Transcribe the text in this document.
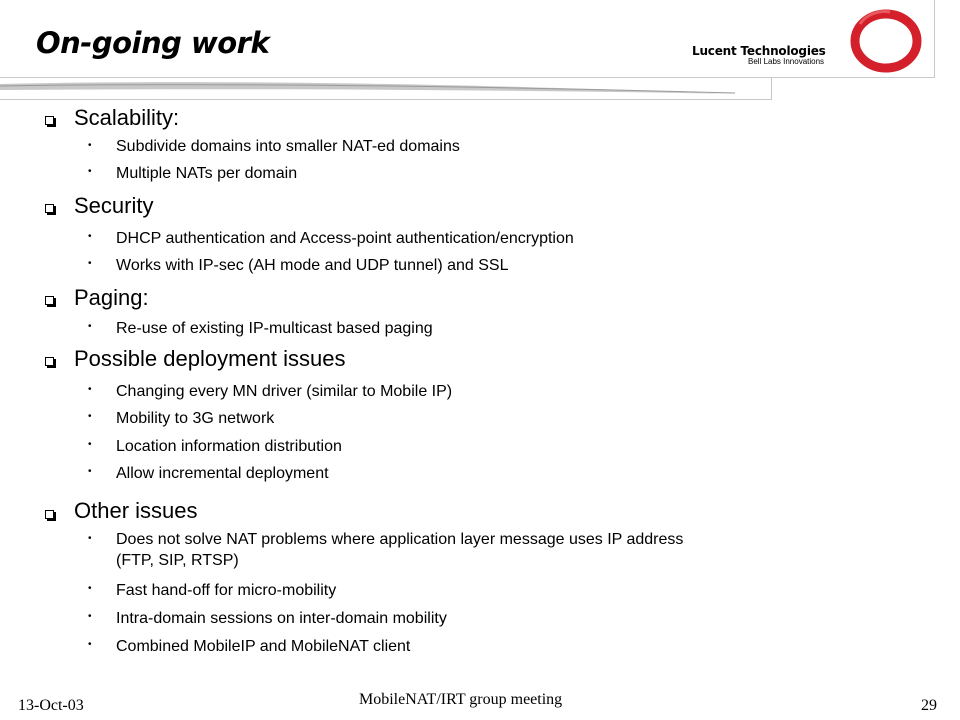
On-going work	Lucent Technologies
Bell Labs Innovations
Scalability:
• Subdivide domains into smaller NAT-ed domains
• Multiple NATs per domain
Security
• DHCP authentication and Access-point authentication/encryption
• Works with IP-sec (AH mode and UDP tunnel) and SSL
Paging:
• Re-use of existing IP-multicast based paging
Possible deployment issues
• Changing every MN driver (similar to Mobile IP)
• Mobility to 3G network
• Location information distribution
• Allow incremental deployment
Other issues
• Does not solve NAT problems where application layer message uses IP address
(FTP, SIP, RTSP)
• Fast hand-off for micro-mobility
• Intra-domain sessions on inter-domain mobility
• Combined MobileIP and MobileNAT client
13-Oct-03	MobileNAT/IRT group meeting	29
